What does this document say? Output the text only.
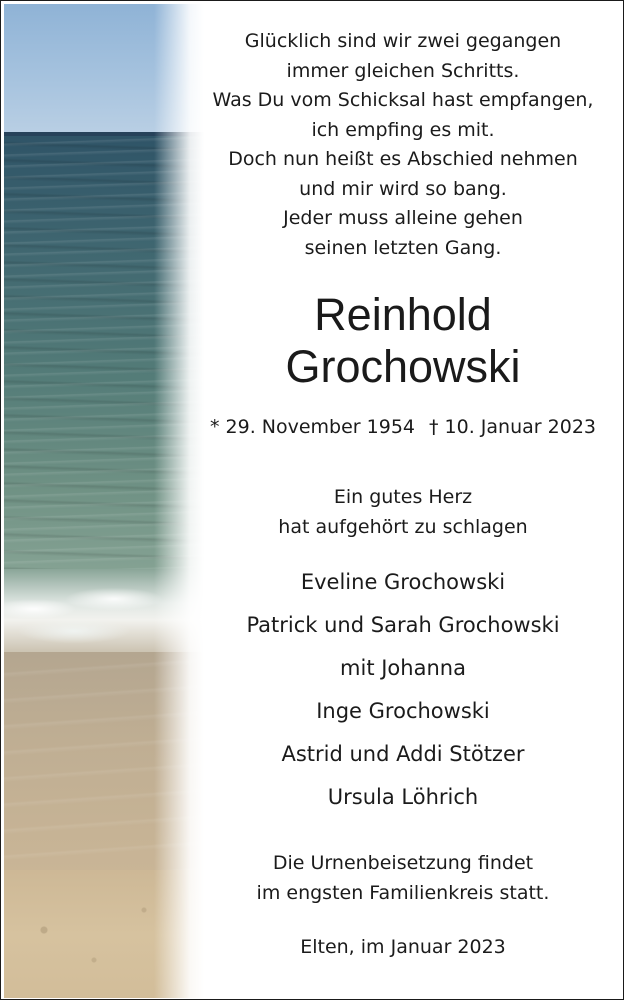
Glücklich sind wir zwei gegangen
immer gleichen Schritts.
Was Du vom Schicksal hast empfangen,
ich empfing es mit.
Doch nun heißt es Abschied nehmen
und mir wird so bang.
Jeder muss alleine gehen
seinen letzten Gang.
Reinhold
Grochowski
* 29. November 1954 † 10. Januar 2023
Ein gutes Herz
hat aufgehört zu schlagen
Eveline Grochowski
Patrick und Sarah Grochowski
mit Johanna
Inge Grochowski
Astrid und Addi Stötzer
Ursula Löhrich
Die Urnenbeisetzung findet
im engsten Familienkreis statt.
Elten, im Januar 2023
